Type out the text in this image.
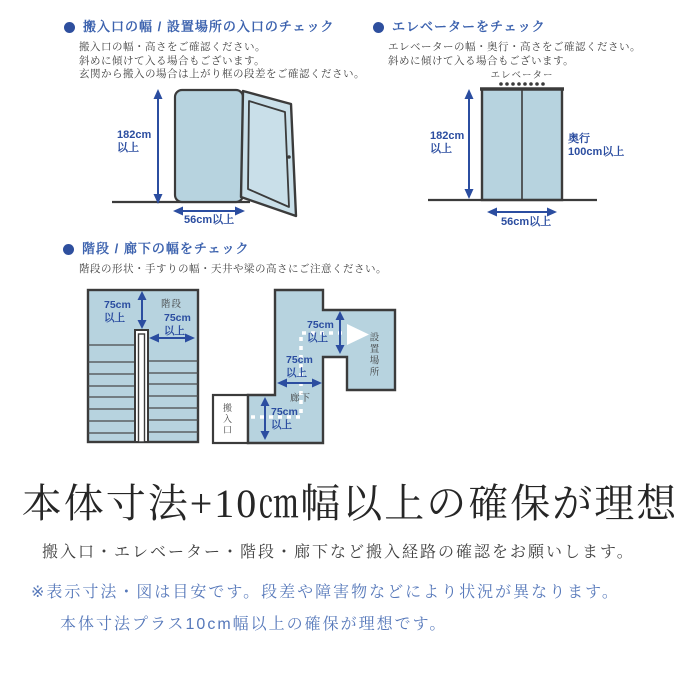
搬入口の幅 / 設置場所の入口のチェック
搬入口の幅・高さをご確認ください。
斜めに傾けて入る場合もございます。
玄関から搬入の場合は上がり框の段差をご確認ください。
182cm
以上
56cm以上
エレベーターをチェック
エレベーターの幅・奥行・高さをご確認ください。
斜めに傾けて入る場合もございます。
エレベーター
182cm
以上
奥行
100cm以上
56cm以上
階段 / 廊下の幅をチェック
階段の形状・手すりの幅・天井や梁の高さにご注意ください。
75cm
以上
階段
75cm
以上
搬入口
75cm
以上	設置場所
75cm
以上
廊下
75cm
以上
本体寸法+10㎝幅以上の確保が理想
搬入口・エレベーター・階段・廊下など搬入経路の確認をお願いします。
※表示寸法・図は目安です。段差や障害物などにより状況が異なります。
本体寸法プラス10cm幅以上の確保が理想です。
